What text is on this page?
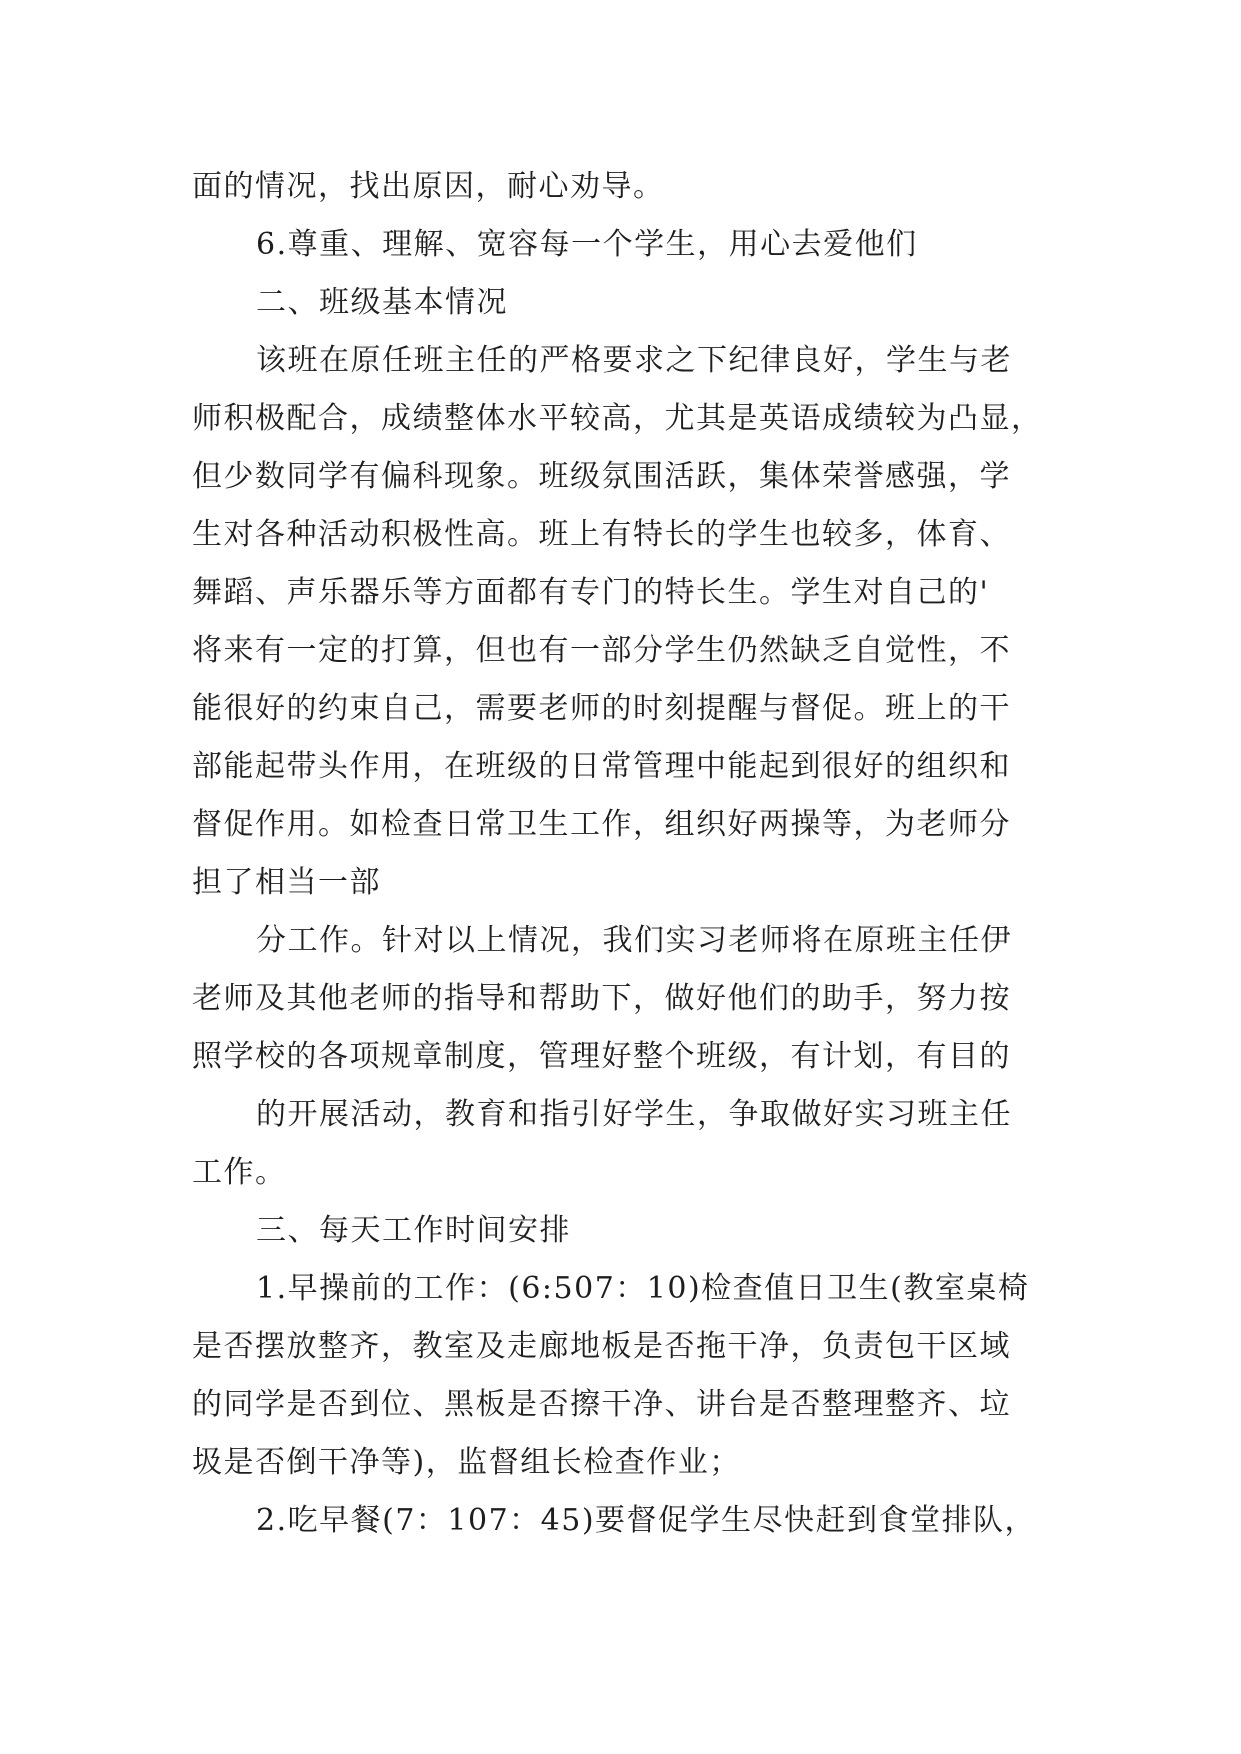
面的情况，找出原因，耐心劝导。
6.尊重、理解、宽容每一个学生，用心去爱他们
二、班级基本情况
该班在原任班主任的严格要求之下纪律良好，学生与老
师积极配合，成绩整体水平较高，尤其是英语成绩较为凸显，
但少数同学有偏科现象。班级氛围活跃，集体荣誉感强，学
生对各种活动积极性高。班上有特长的学生也较多，体育、
舞蹈、声乐器乐等方面都有专门的特长生。学生对自己的'
将来有一定的打算，但也有一部分学生仍然缺乏自觉性，不
能很好的约束自己，需要老师的时刻提醒与督促。班上的干
部能起带头作用，在班级的日常管理中能起到很好的组织和
督促作用。如检查日常卫生工作，组织好两操等，为老师分
担了相当一部
分工作。针对以上情况，我们实习老师将在原班主任伊
老师及其他老师的指导和帮助下，做好他们的助手，努力按
照学校的各项规章制度，管理好整个班级，有计划，有目的
的开展活动，教育和指引好学生，争取做好实习班主任
工作。
三、每天工作时间安排
1.早操前的工作：(6:507：10)检查值日卫生(教室桌椅
是否摆放整齐，教室及走廊地板是否拖干净，负责包干区域
的同学是否到位、黑板是否擦干净、讲台是否整理整齐、垃
圾是否倒干净等)，监督组长检查作业；
2.吃早餐(7：107：45)要督促学生尽快赶到食堂排队，
